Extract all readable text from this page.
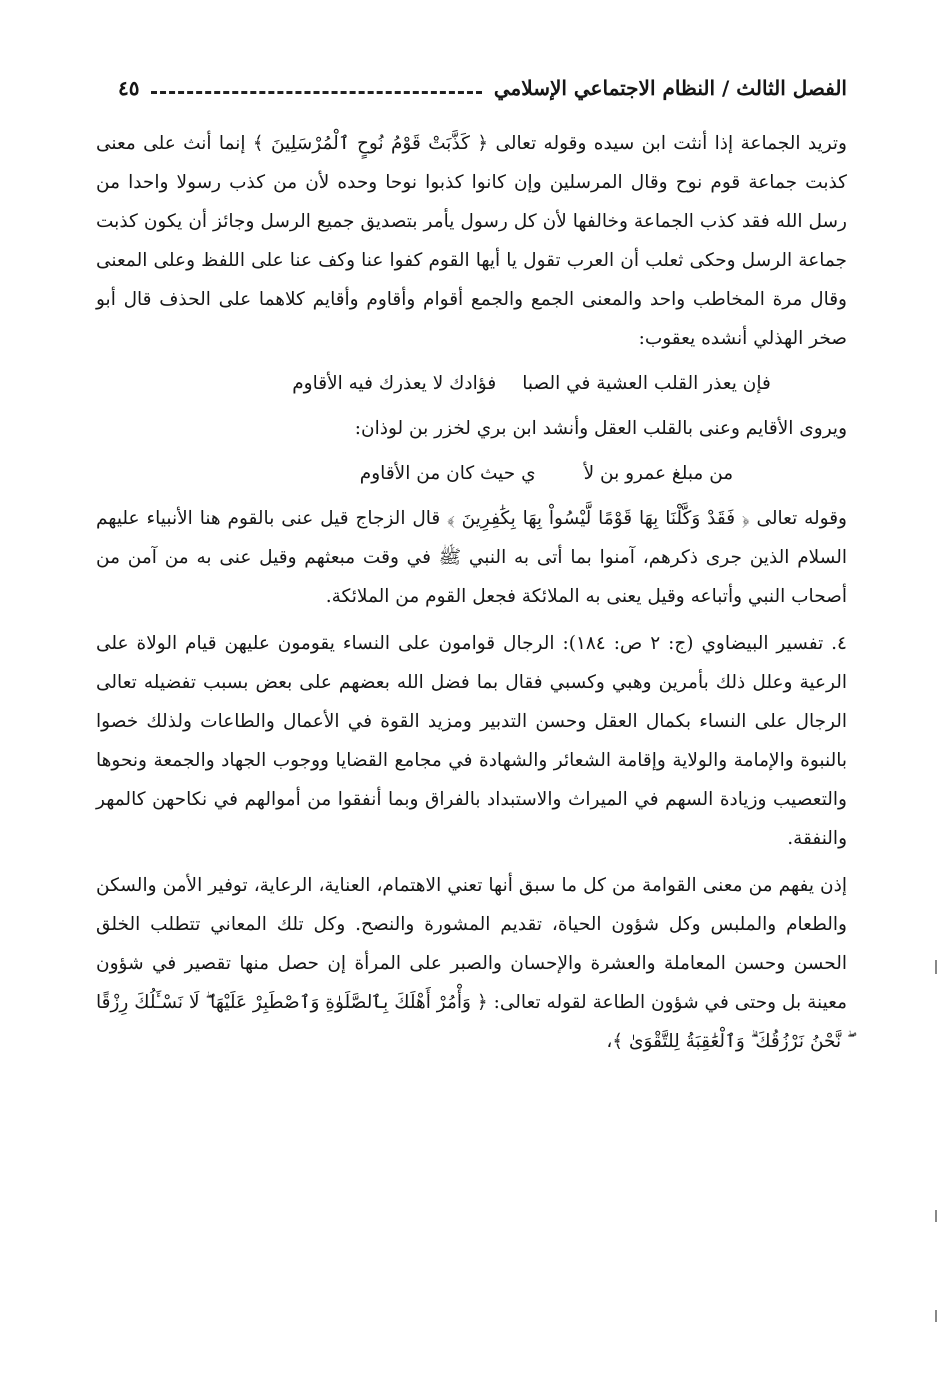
الفصل الثالث / النظام الاجتماعي الإسلامي
٤٥

وتريد الجماعة إذا أنثت ابن سيده وقوله تعالى ﴿ كَذَّبَتْ قَوْمُ نُوحٍ ٱلْمُرْسَلِينَ ﴾ إنما أنث على معنى كذبت جماعة قوم نوح وقال المرسلين وإن كانوا كذبوا نوحا وحده لأن من كذب رسولا واحدا من رسل الله فقد كذب الجماعة وخالفها لأن كل رسول يأمر بتصديق جميع الرسل وجائز أن يكون كذبت جماعة الرسل وحكى ثعلب أن العرب تقول يا أيها القوم كفوا عنا وكف عنا على اللفظ وعلى المعنى وقال مرة المخاطب واحد والمعنى الجمع والجمع أقوام وأقاوم وأقايم كلاهما على الحذف قال أبو صخر الهذلي أنشده يعقوب:

فإن يعذر القلب العشية في الصبا
فؤادك لا يعذرك فيه الأقاوم

ويروى الأقايم وعنى بالقلب العقل وأنشد ابن بري لخزر بن لوذان:

من مبلغ عمرو بن لأ
ي حيث كان من الأقاوم

وقوله تعالى ﴿ فَقَدْ وَكَّلْنَا بِهَا قَوْمًا لَّيْسُواْ بِهَا بِكَٰفِرِينَ ﴾ قال الزجاج قيل عنى بالقوم هنا الأنبياء عليهم السلام الذين جرى ذكرهم، آمنوا بما أتى به النبي ﷺ في وقت مبعثهم وقيل عنى به من آمن من أصحاب النبي وأتباعه وقيل يعنى به الملائكة فجعل القوم من الملائكة.

٤. تفسير البيضاوي (ج: ٢ ص: ١٨٤): الرجال قوامون على النساء يقومون عليهن قيام الولاة على الرعية وعلل ذلك بأمرين وهبي وكسبي فقال بما فضل الله بعضهم على بعض بسبب تفضيله تعالى الرجال على النساء بكمال العقل وحسن التدبير ومزيد القوة في الأعمال والطاعات ولذلك خصوا بالنبوة والإمامة والولاية وإقامة الشعائر والشهادة في مجامع القضايا ووجوب الجهاد والجمعة ونحوها والتعصيب وزيادة السهم في الميراث والاستبداد بالفراق وبما أنفقوا من أموالهم في نكاحهن كالمهر والنفقة.

إذن يفهم من معنى القوامة من كل ما سبق أنها تعني الاهتمام، العناية، الرعاية، توفير الأمن والسكن والطعام والملبس وكل شؤون الحياة، تقديم المشورة والنصح. وكل تلك المعاني تتطلب الخلق الحسن وحسن المعاملة والعشرة والإحسان والصبر على المرأة إن حصل منها تقصير في شؤون معينة بل وحتى في شؤون الطاعة لقوله تعالى: ﴿ وَأْمُرْ أَهْلَكَ بِٱلصَّلَوٰةِ وَٱصْطَبِرْ عَلَيْهَا ۖ لَا نَسْـَٔلُكَ رِزْقًا ۖ نَّحْنُ نَرْزُقُكَ ۗ وَٱلْعَٰقِبَةُ لِلتَّقْوَىٰ ﴾،
